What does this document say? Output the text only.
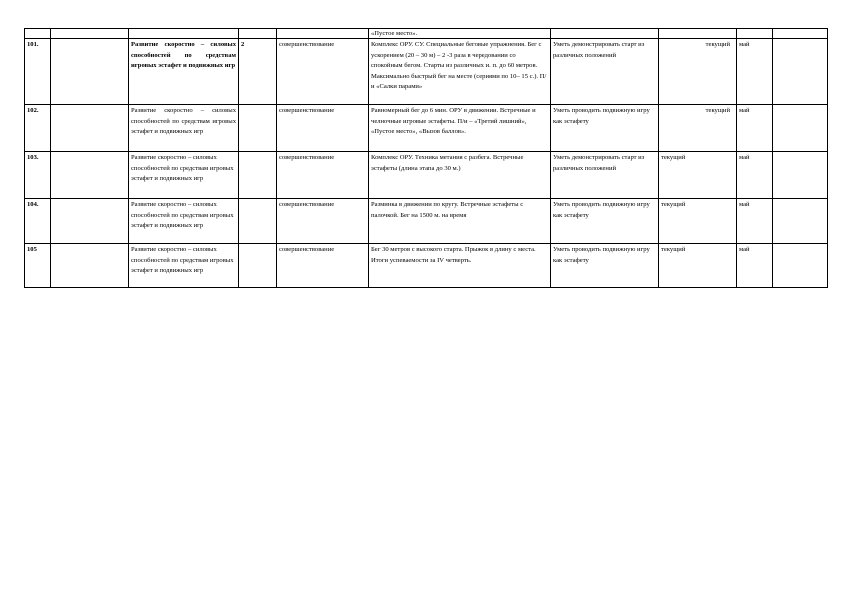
					«Пустое место».				
101.		Развитие скоростно – силовых способностей по средствам игровых эстафет и подвижных игр	2	совершенствование	Комплекс ОРУ. СУ. Специальные беговые упражнения. Бег с ускорением (20 – 30 м) – 2 -3 раза в чередовании со спокойным бегом. Старты из различных и. п. до 60 метров. Максимально быстрый бег на месте (сериями по 10– 15 с.). П/и «Салки парами»	Уметь демонстрировать старт из различных положений	текущий	май	
102.		Развитие скоростно – силовых способностей по средствам игровых эстафет и подвижных игр		совершенствование	Равномерный бег до 6 мин. ОРУ в движении. Встречные и челночные игровые эстафеты. П/и – «Третий лишний», «Пустое место», «Вызов баллов».	Уметь проводить подвижную игру как эстафету	текущий	май	
103.		Развитие скоростно – силовых способностей по средствам игровых эстафет и подвижных игр		совершенствование	Комплекс ОРУ. Техника метания с разбега. Встречные эстафеты (длина этапа до 30 м.)	Уметь демонстрировать старт из различных положений	текущий	май	
104.		Развитие скоростно – силовых способностей по средствам игровых эстафет и подвижных игр		совершенствование	Разминка в движении по кругу. Встречные эстафеты с палочкой. Бег на 1500 м. на время	Уметь проводить подвижную игру как эстафету	текущий	май	
105		Развитие скоростно – силовых способностей по средствам игровых эстафет и подвижных игр		совершенствование	Бег 30 метров с высокого старта. Прыжок в длину с места. Итоги успеваемости за IV четверть.	Уметь проводить подвижную игру как эстафету	текущий	май	
